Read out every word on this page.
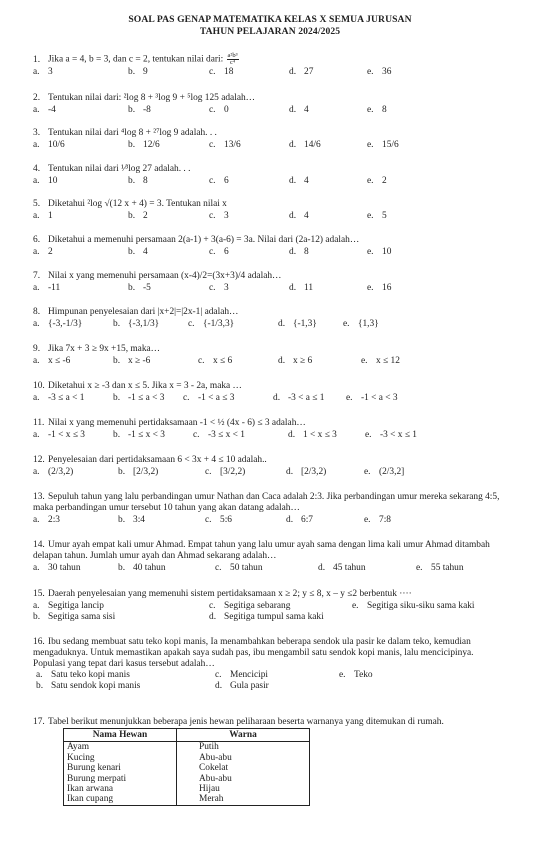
SOAL PAS GENAP MATEMATIKA KELAS X SEMUA JURUSAN
TAHUN PELAJARAN 2024/2025
1. Jika a = 4, b = 3, dan c = 2, tentukan nilai dari: $\frac{\text{a²b³}}{\text{c⁴}}$
a. 3	b. 9	c. 18	d. 27	e. 36
2. Tentukan nilai dari: ²log 8 + ³log 9 + ⁵log 125 adalah…
a. -4	b. -8	c. 0	d. 4	e. 8
3. Tentukan nilai dari ⁴log 8 + ²⁷log 9 adalah. . .
a. 10/6	b. 12/6	c. 13/6	d. 14/6	e. 15/6
4. Tentukan nilai dari ¹⁄³log 27 adalah. . .
a. 10	b. 8	c. 6	d. 4	e. 2
5. Diketahui ²log √(12 x + 4) = 3. Tentukan nilai x
a. 1	b. 2	c. 3	d. 4	e. 5
6. Diketahui a memenuhi persamaan 2(a-1) + 3(a-6) = 3a. Nilai dari (2a-12) adalah…
a. 2	b. 4	c. 6	d. 8	e. 10
7. Nilai x yang memenuhi persamaan (x-4)/2=(3x+3)/4 adalah…
a. -11	b. -5	c. 3	d. 11	e. 16
8. Himpunan penyelesaian dari |x+2|=|2x-1| adalah…
a. {-3,-1/3}	b. {-3,1/3}	c. {-1/3,3}	d. {-1,3}	e. {1,3}
9. Jika 7x + 3 ≥ 9x +15, maka…
a. x ≤ -6	b. x ≥ -6	c. x ≤ 6	d. x ≥ 6	e. x ≤ 12
10. Diketahui x ≥ -3 dan x ≤ 5. Jika x = 3 - 2a, maka …
a. -3 ≤ a < 1	b. -1 ≤ a < 3 c. -1 < a ≤ 3	d. -3 < a ≤ 1 e. -1 < a < 3
11. Nilai x yang memenuhi pertidaksamaan -1 < ½ (4x - 6) ≤ 3 adalah…
a. -1 < x ≤ 3	b. -1 ≤ x < 3	c. -3 ≤ x < 1	d. 1 < x ≤ 3	e. -3 < x ≤ 1
12. Penyelesaian dari pertidaksamaan 6 < 3x + 4 ≤ 10 adalah..
a. (2/3,2)	b. [2/3,2)	c. [3/2,2)	d. [2/3,2)	e. (2/3,2]
13. Sepuluh tahun yang lalu perbandingan umur Nathan dan Caca adalah 2:3. Jika perbandingan umur mereka sekarang 4:5, maka perbandingan umur tersebut 10 tahun yang akan datang adalah…
a. 2:3	b. 3:4	c. 5:6	d. 6:7	e. 7:8
14. Umur ayah empat kali umur Ahmad. Empat tahun yang lalu umur ayah sama dengan lima kali umur Ahmad ditambah delapan tahun. Jumlah umur ayah dan Ahmad sekarang adalah…
a. 30 tahun	b. 40 tahun	c. 50 tahun	d. 45 tahun	e. 55 tahun
15. Daerah penyelesaian yang memenuhi sistem pertidaksamaan x ≥ 2; y ≤ 8, x – y ≤2 berbentuk ····
a. Segitiga lancip	c. Segitiga sebarang	e. Segitiga siku-siku sama kaki
b. Segitiga sama sisi	d. Segitiga tumpul sama kaki
16. Ibu sedang membuat satu teko kopi manis, Ia menambahkan beberapa sendok ula pasir ke dalam teko, kemudian mengaduknya. Untuk memastikan apakah saya sudah pas, ibu mengambil satu sendok kopi manis, lalu mencicipinya. Populasi yang tepat dari kasus tersebut adalah…
a. Satu teko kopi manis	c. Mencicipi	e. Teko
b. Satu sendok kopi manis	d. Gula pasir
17. Tabel berikut menunjukkan beberapa jenis hewan peliharaan beserta warnanya yang ditemukan di rumah.
Nama Hewan	Warna
Ayam	Putih
Kucing	Abu-abu
Burung kenari	Cokelat
Burung merpati	Abu-abu
Ikan arwana	Hijau
Ikan cupang	Merah
